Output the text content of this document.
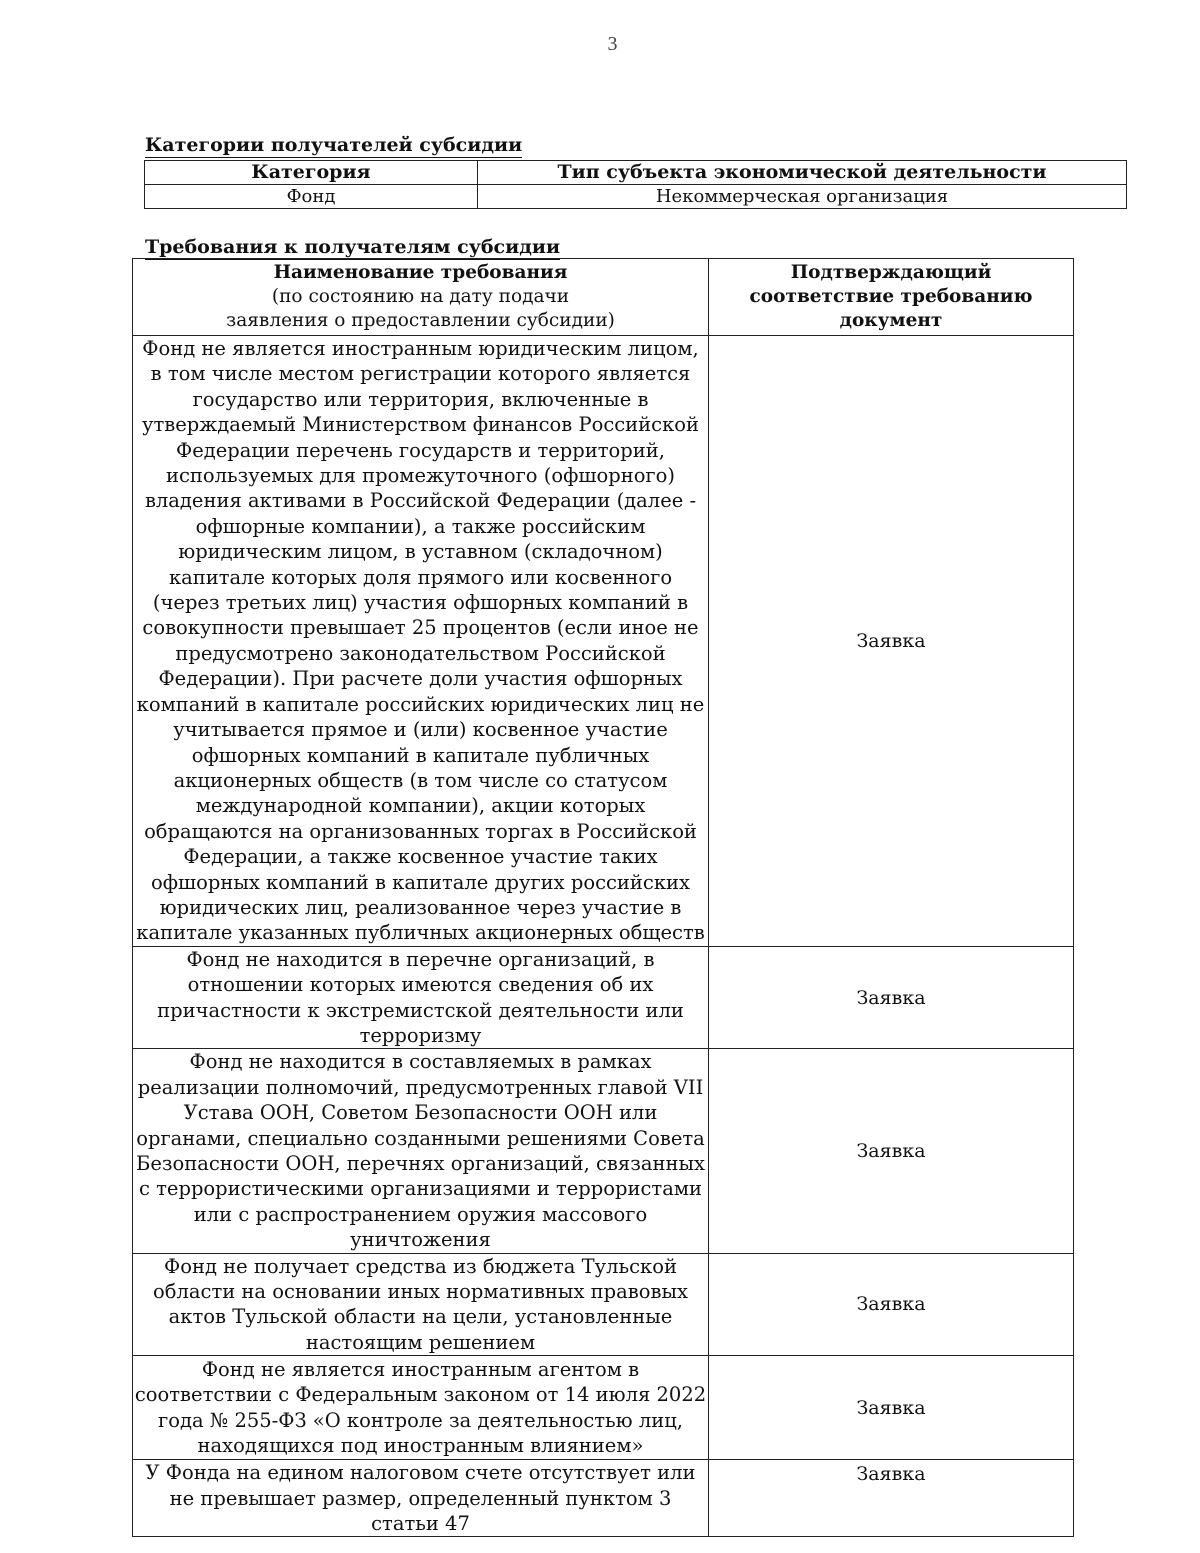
3
Категории получателей субсидии
Категория	Тип субъекта экономической деятельности
Фонд	Некоммерческая организация
Требования к получателям субсидии
Наименование требования
(по состоянию на дату подачи
заявления о предоставлении субсидии)	Подтверждающий соответствие требованию документ
Фонд не является иностранным юридическим лицом, в том числе местом регистрации которого является государство или территория, включенные в утверждаемый Министерством финансов Российской Федерации перечень государств и территорий, используемых для промежуточного (офшорного) владения активами в Российской Федерации (далее - офшорные компании), а также российским юридическим лицом, в уставном (складочном) капитале которых доля прямого или косвенного (через третьих лиц) участия офшорных компаний в совокупности превышает 25 процентов (если иное не предусмотрено законодательством Российской Федерации). При расчете доли участия офшорных компаний в капитале российских юридических лиц не учитывается прямое и (или) косвенное участие офшорных компаний в капитале публичных акционерных обществ (в том числе со статусом международной компании), акции которых обращаются на организованных торгах в Российской Федерации, а также косвенное участие таких офшорных компаний в капитале других российских юридических лиц, реализованное через участие в капитале указанных публичных акционерных обществ	Заявка
Фонд не находится в перечне организаций, в отношении которых имеются сведения об их причастности к экстремистской деятельности или терроризму	Заявка
Фонд не находится в составляемых в рамках реализации полномочий, предусмотренных главой VII Устава ООН, Советом Безопасности ООН или органами, специально созданными решениями Совета Безопасности ООН, перечнях организаций, связанных с террористическими организациями и террористами или с распространением оружия массового уничтожения	Заявка
Фонд не получает средства из бюджета Тульской области на основании иных нормативных правовых актов Тульской области на цели, установленные настоящим решением	Заявка
Фонд не является иностранным агентом в соответствии с Федеральным законом от 14 июля 2022 года № 255-ФЗ «О контроле за деятельностью лиц, находящихся под иностранным влиянием»	Заявка
У Фонда на едином налоговом счете отсутствует или не превышает размер, определенный пунктом 3 статьи 47	Заявка
